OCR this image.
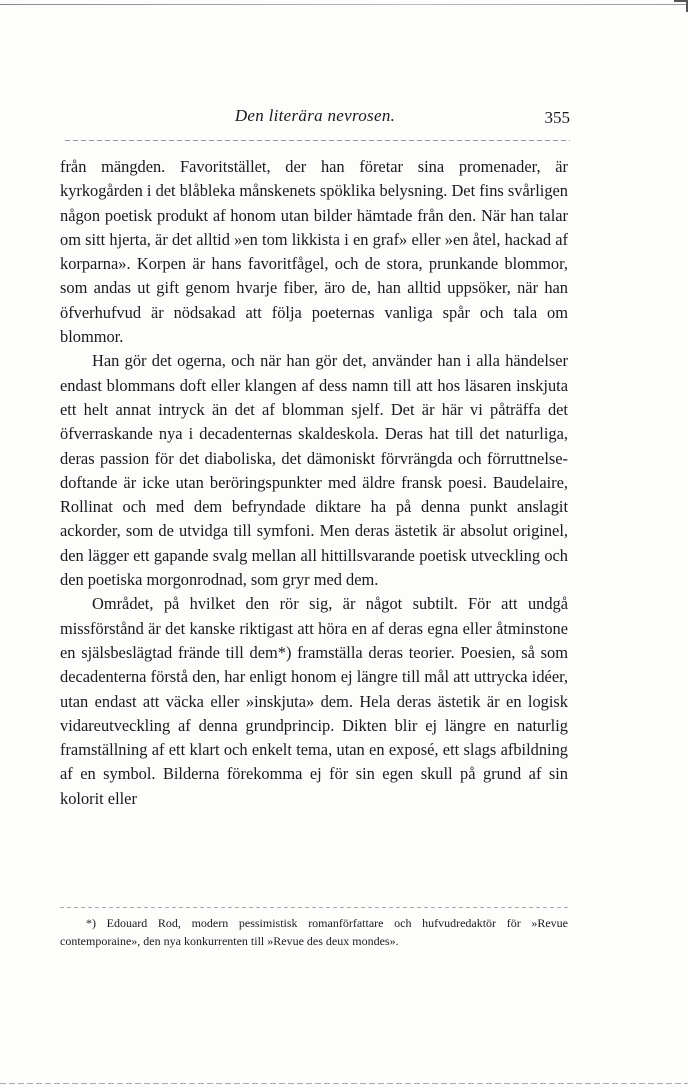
Den literära nevrosen.	355

från mängden. Favoritstället, der han företar sina promenader, är kyrkogården i det blåbleka månskenets spöklika belysning. Det fins svårligen någon poetisk produkt af honom utan bilder hämtade från den. När han talar om sitt hjerta, är det alltid »en tom likkista i en graf» eller »en åtel, hackad af korparna». Korpen är hans favoritfågel, och de stora, prunkande blommor, som andas ut gift genom hvarje fiber, äro de, han alltid uppsöker, när han öfverhufvud är nödsakad att följa poeternas vanliga spår och tala om blommor.

Han gör det ogerna, och när han gör det, använder han i alla händelser endast blommans doft eller klangen af dess namn till att hos läsaren inskjuta ett helt annat intryck än det af blomman sjelf. Det är här vi påträffa det öfverraskande nya i decadenternas skaldeskola. Deras hat till det naturliga, deras passion för det diaboliska, det dämoniskt förvrängda och förruttnelse-doftande är icke utan beröringspunkter med äldre fransk poesi. Baudelaire, Rollinat och med dem befryndade diktare ha på denna punkt anslagit ackorder, som de utvidga till symfoni. Men deras ästetik är absolut originel, den lägger ett gapande svalg mellan all hittillsvarande poetisk utveckling och den poetiska morgonrodnad, som gryr med dem.

Området, på hvilket den rör sig, är något subtilt. För att undgå missförstånd är det kanske riktigast att höra en af deras egna eller åtminstone en själsbeslägtad frände till dem*) framställa deras teorier. Poesien, så som decadenterna förstå den, har enligt honom ej längre till mål att uttrycka idéer, utan endast att väcka eller »inskjuta» dem. Hela deras ästetik är en logisk vidareutveckling af denna grundprincip. Dikten blir ej längre en naturlig framställning af ett klart och enkelt tema, utan en exposé, ett slags afbildning af en symbol. Bilderna förekomma ej för sin egen skull på grund af sin kolorit eller

*) Edouard Rod, modern pessimistisk romanförfattare och hufvudredaktör för »Revue contemporaine», den nya konkurrenten till »Revue des deux mondes».
